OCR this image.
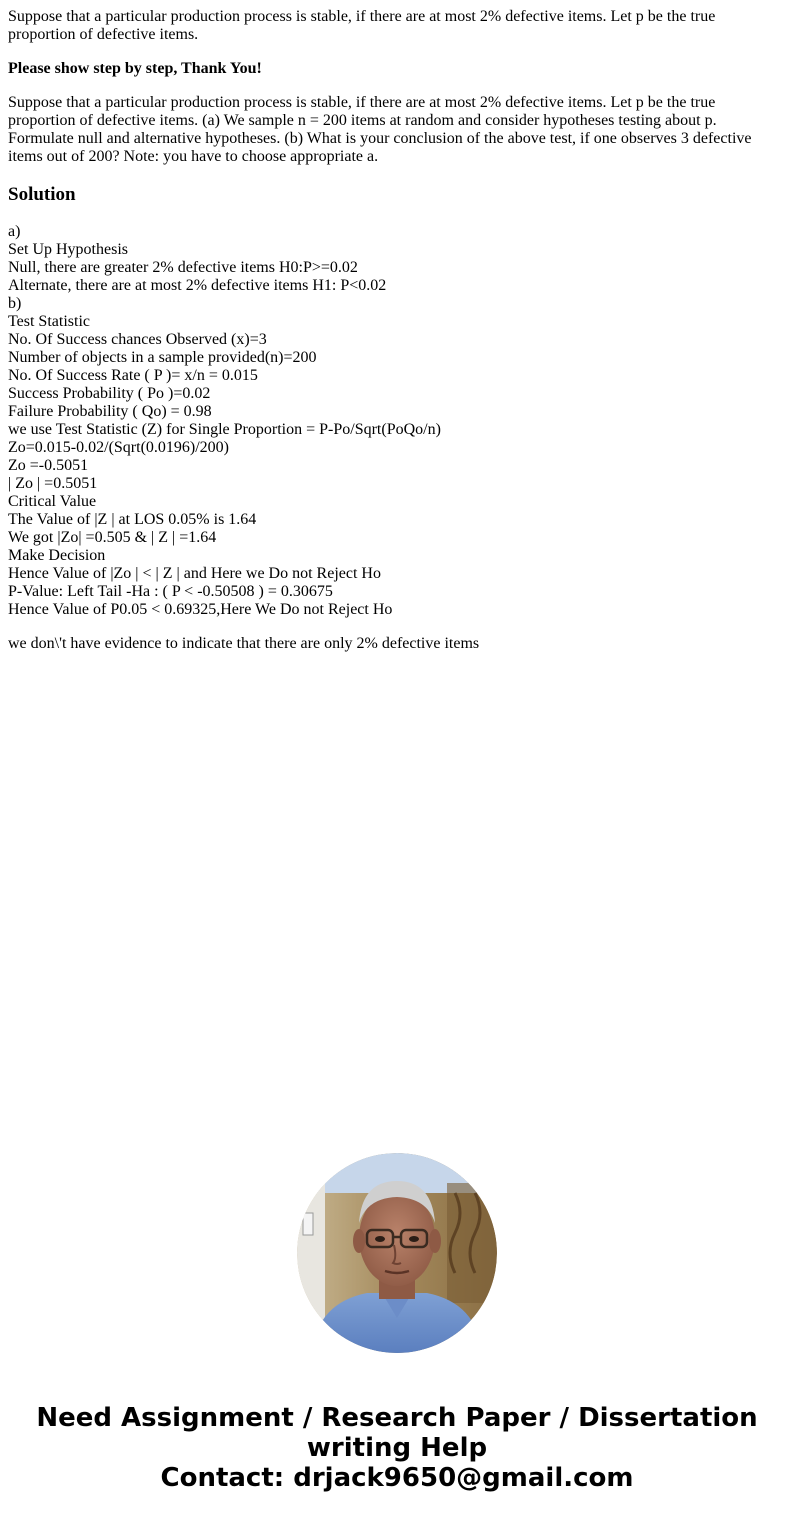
Suppose that a particular production process is stable, if there are at most 2% defective items. Let p be the true proportion of defective items.

Please show step by step, Thank You!

Suppose that a particular production process is stable, if there are at most 2% defective items. Let p be the true proportion of defective items. (a) We sample n = 200 items at random and consider hypotheses testing about p. Formulate null and alternative hypotheses. (b) What is your conclusion of the above test, if one observes 3 defective items out of 200? Note: you have to choose appropriate a.

Solution
a)
Set Up Hypothesis
Null, there are greater 2% defective items H0:P>=0.02
Alternate, there are at most 2% defective items H1: P<0.02
b)
Test Statistic
No. Of Success chances Observed (x)=3
Number of objects in a sample provided(n)=200
No. Of Success Rate ( P )= x/n = 0.015
Success Probability ( Po )=0.02
Failure Probability ( Qo) = 0.98
we use Test Statistic (Z) for Single Proportion = P-Po/Sqrt(PoQo/n)
Zo=0.015-0.02/(Sqrt(0.0196)/200)
Zo =-0.5051
| Zo | =0.5051
Critical Value
The Value of |Z | at LOS 0.05% is 1.64
We got |Zo| =0.505 & | Z | =1.64
Make Decision
Hence Value of |Zo | < | Z | and Here we Do not Reject Ho
P-Value: Left Tail -Ha : ( P < -0.50508 ) = 0.30675
Hence Value of P0.05 < 0.69325,Here We Do not Reject Ho

we don\'t have evidence to indicate that there are only 2% defective items

Need Assignment / Research Paper / Dissertation
writing Help
Contact: drjack9650@gmail.com
